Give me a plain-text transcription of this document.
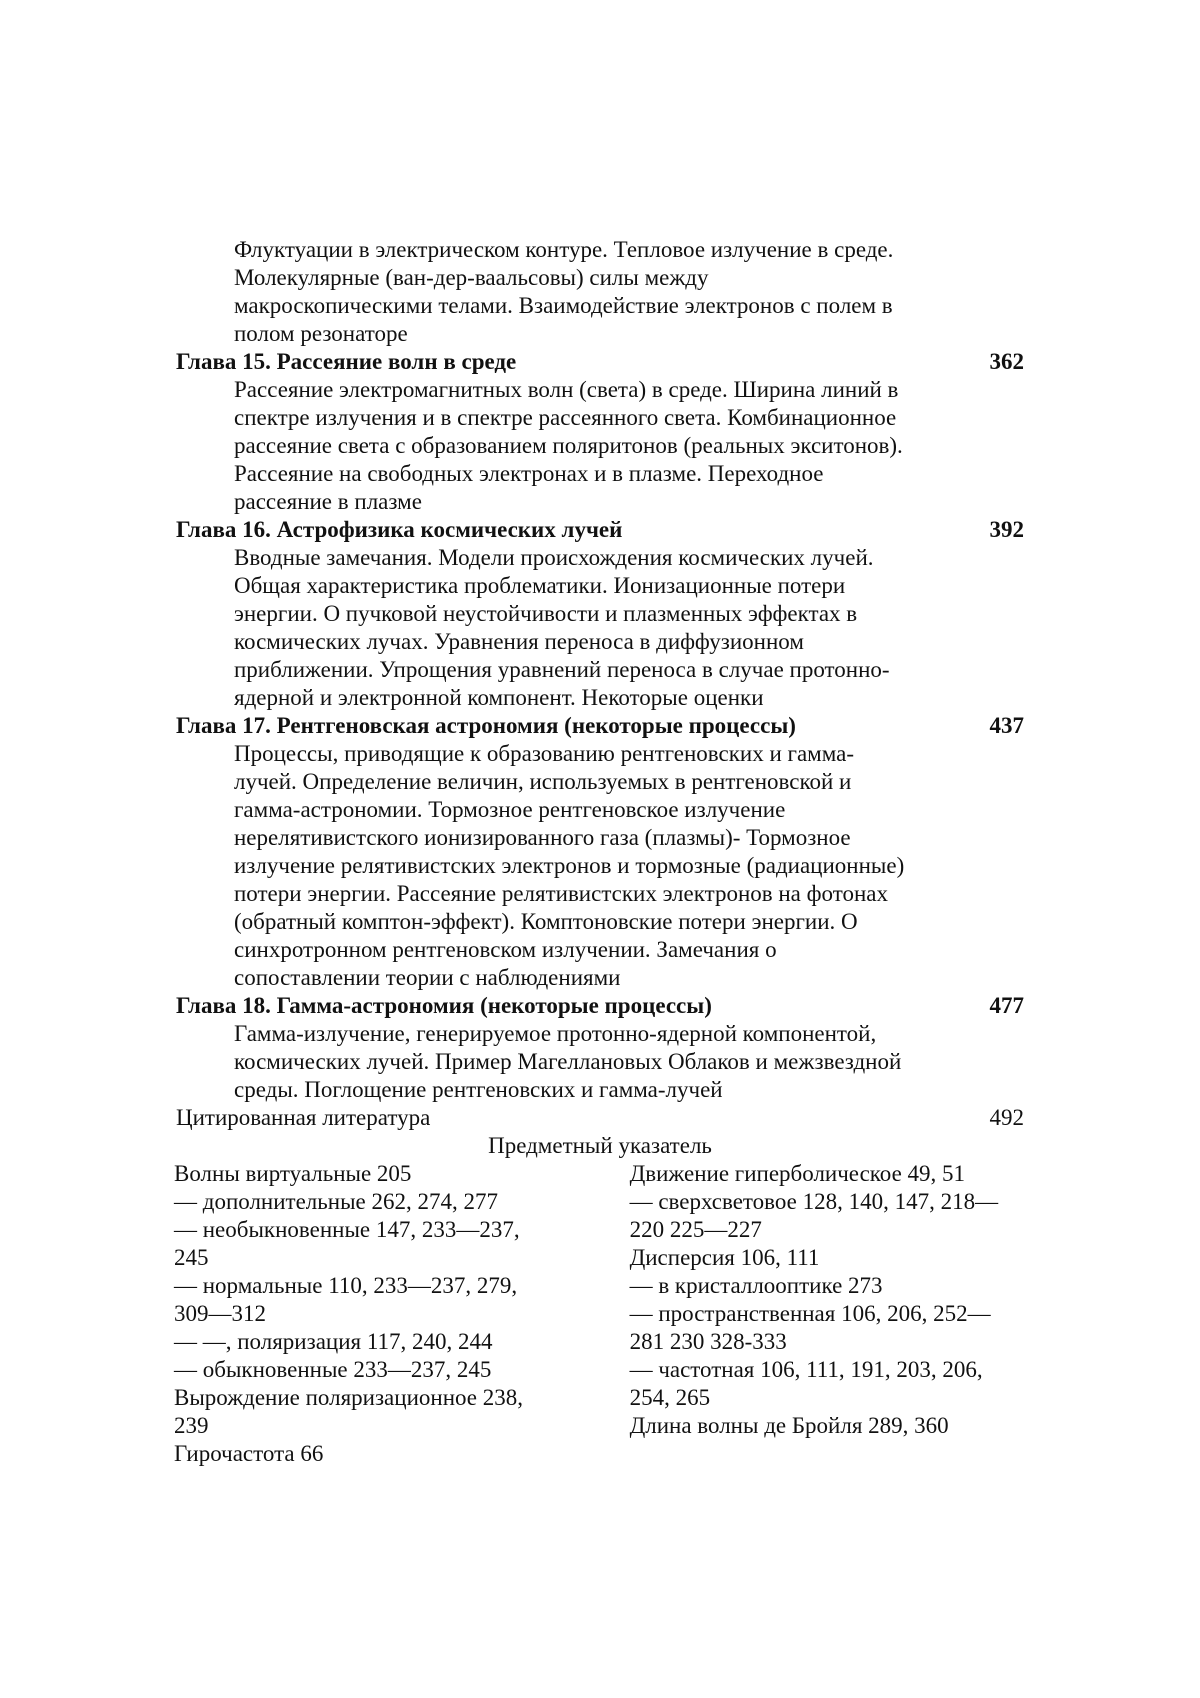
Флуктуации в электрическом контуре. Тепловое излучение в среде.
Молекулярные (ван-дер-ваальсовы) силы между
макроскопическими телами. Взаимодействие электронов с полем в
полом резонаторе
Глава 15. Рассеяние волн в среде	362
Рассеяние электромагнитных волн (света) в среде. Ширина линий в
спектре излучения и в спектре рассеянного света. Комбинационное
рассеяние света с образованием поляритонов (реальных экситонов).
Рассеяние на свободных электронах и в плазме. Переходное
рассеяние в плазме
Глава 16. Астрофизика космических лучей	392
Вводные замечания. Модели происхождения космических лучей.
Общая характеристика проблематики. Ионизационные потери
энергии. О пучковой неустойчивости и плазменных эффектах в
космических лучах. Уравнения переноса в диффузионном
приближении. Упрощения уравнений переноса в случае протонно-
ядерной и электронной компонент. Некоторые оценки
Глава 17. Рентгеновская астрономия (некоторые процессы)	437
Процессы, приводящие к образованию рентгеновских и гамма-
лучей. Определение величин, используемых в рентгеновской и
гамма-астрономии. Тормозное рентгеновское излучение
нерелятивистского ионизированного газа (плазмы)- Тормозное
излучение релятивистских электронов и тормозные (радиационные)
потери энергии. Рассеяние релятивистских электронов на фотонах
(обратный комптон-эффект). Комптоновские потери энергии. О
синхротронном рентгеновском излучении. Замечания о
сопоставлении теории с наблюдениями
Глава 18. Гамма-астрономия (некоторые процессы)	477
Гамма-излучение, генерируемое протонно-ядерной компонентой,
космических лучей. Пример Магеллановых Облаков и межзвездной
среды. Поглощение рентгеновских и гамма-лучей
Цитированная литература	492
Предметный указатель
Волны виртуальные 205
— дополнительные 262, 274, 277
— необыкновенные 147, 233—237,
245
— нормальные 110, 233—237, 279,
309—312
— —, поляризация 117, 240, 244
— обыкновенные 233—237, 245
Вырождение поляризационное 238,
239
Гирочастота 66
Движение гиперболическое 49, 51
— сверхсветовое 128, 140, 147, 218—
220 225—227
Дисперсия 106, 111
— в кристаллооптике 273
— пространственная 106, 206, 252—
281 230 328-333
— частотная 106, 111, 191, 203, 206,
254, 265
Длина волны де Бройля 289, 360
